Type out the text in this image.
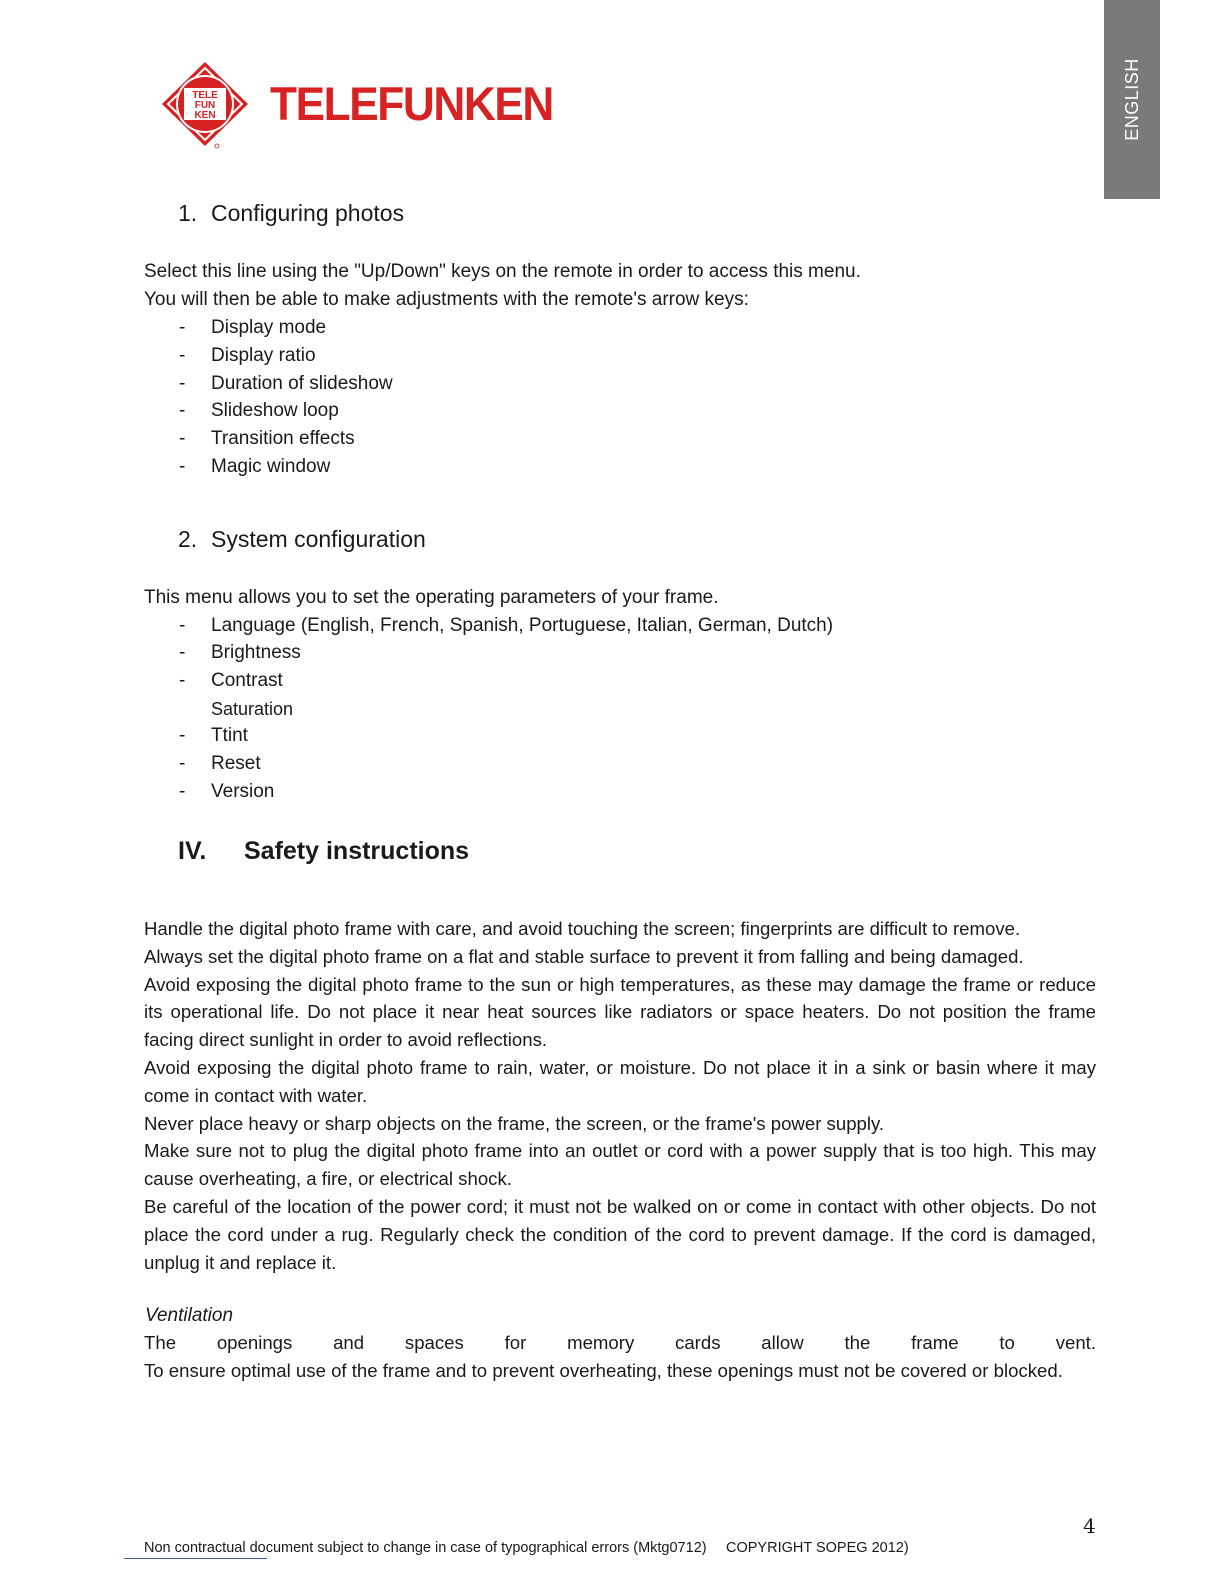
ENGLISH
TELE
FUN
KEN TELEFUNKEN
1. Configuring photos
Select this line using the "Up/Down" keys on the remote in order to access this menu.
You will then be able to make adjustments with the remote's arrow keys:
- Display mode
- Display ratio
- Duration of slideshow
- Slideshow loop
- Transition effects
- Magic window
2. System configuration
This menu allows you to set the operating parameters of your frame.
- Language (English, French, Spanish, Portuguese, Italian, German, Dutch)
- Brightness
- Contrast
Saturation
- Ttint
- Reset
- Version
IV. Safety instructions

Handle the digital photo frame with care, and avoid touching the screen; fingerprints are difficult to remove.

Always set the digital photo frame on a flat and stable surface to prevent it from falling and being damaged.

Avoid exposing the digital photo frame to the sun or high temperatures, as these may damage the frame or reduce its operational life. Do not place it near heat sources like radiators or space heaters. Do not position the frame facing direct sunlight in order to avoid reflections.

Avoid exposing the digital photo frame to rain, water, or moisture. Do not place it in a sink or basin where it may come in contact with water.

Never place heavy or sharp objects on the frame, the screen, or the frame's power supply.

Make sure not to plug the digital photo frame into an outlet or cord with a power supply that is too high. This may cause overheating, a fire, or electrical shock.

Be careful of the location of the power cord; it must not be walked on or come in contact with other objects. Do not place the cord under a rug. Regularly check the condition of the cord to prevent damage. If the cord is damaged, unplug it and replace it.

Ventilation

The openings and spaces for memory cards allow the frame to vent.

To ensure optimal use of the frame and to prevent overheating, these openings must not be covered or blocked.

4
Non contractual document subject to change in case of typographical errors (Mktg0712) COPYRIGHT SOPEG 2012)
